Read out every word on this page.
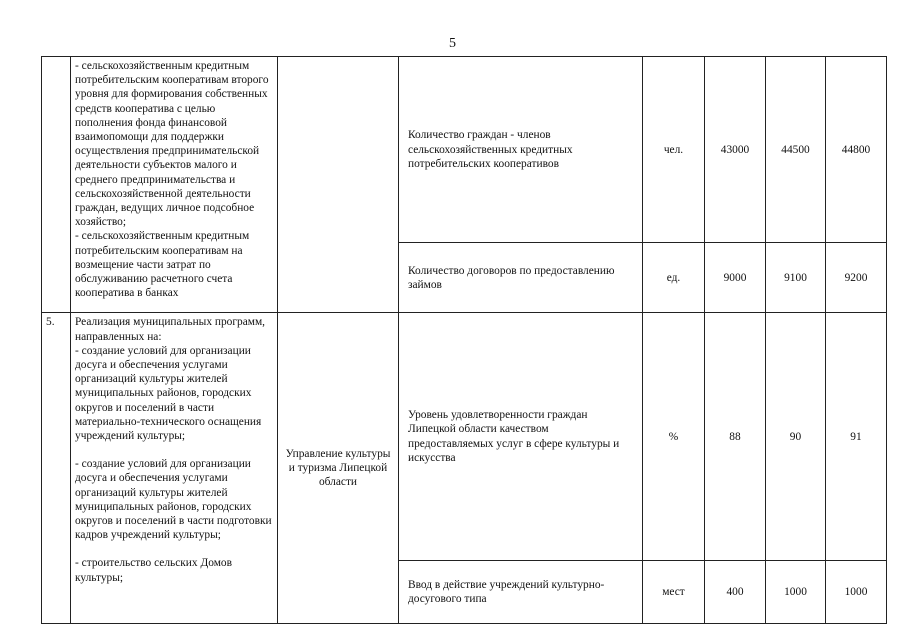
5

	- сельскохозяйственным кредитным потребительским кооперативам второго уровня для формирования собственных средств кооператива с целью пополнения фонда финансовой взаимопомощи для поддержки осуществления предпринимательской деятельности субъектов малого и среднего предпринимательства и сельскохозяйственной деятельности граждан, ведущих личное подсобное хозяйство;
- сельскохозяйственным кредитным потребительским кооперативам на возмещение части затрат по обслуживанию расчетного счета кооператива в банках		Количество граждан - членов сельскохозяйственных кредитных потребительских кооперативов	чел.	43000	44500	44800

			Количество договоров по предоставлению займов	ед.	9000	9100	9200

5.	Реализация муниципальных программ, направленных на:
- создание условий для организации досуга и обеспечения услугами организаций культуры жителей муниципальных районов, городских округов и поселений в части материально-технического оснащения учреждений культуры;
- создание условий для организации досуга и обеспечения услугами организаций культуры жителей муниципальных районов, городских округов и поселений в части подготовки кадров учреждений культуры;
- строительство сельских Домов культуры;	Управление культуры и туризма Липецкой области	Уровень удовлетворенности граждан Липецкой области качеством предоставляемых услуг в сфере культуры и искусства	%	88	90	91

			Ввод в действие учреждений культурно-досугового типа	мест	400	1000	1000
